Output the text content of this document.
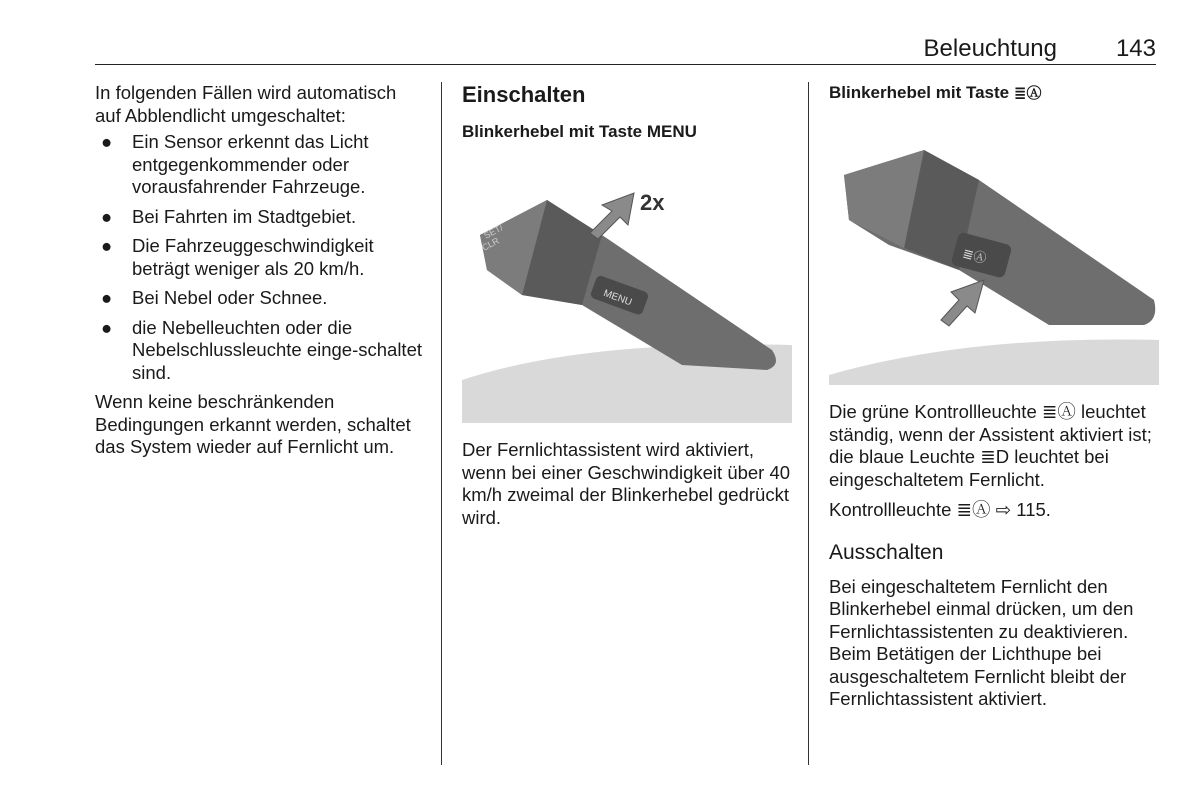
Beleuchtung 143

In folgenden Fällen wird automatisch auf Abblendlicht umgeschaltet:

● Ein Sensor erkennt das Licht entgegenkommender oder vorausfahrender Fahrzeuge.
● Bei Fahrten im Stadtgebiet.
● Die Fahrzeuggeschwindigkeit beträgt weniger als 20 km/h.
● Bei Nebel oder Schnee.
● die Nebelleuchten oder die Nebelschlussleuchte einge-schaltet sind.

Wenn keine beschränkenden Bedingungen erkannt werden, schaltet das System wieder auf Fernlicht um.

Einschalten
Blinkerhebel mit Taste MENU
MENU
SET/
CLR
2x

Der Fernlichtassistent wird aktiviert, wenn bei einer Geschwindigkeit über 40 km/h zweimal der Blinkerhebel gedrückt wird.

Blinkerhebel mit Taste ≣Ⓐ
≣Ⓐ

Die grüne Kontrollleuchte ≣Ⓐ leuchtet ständig, wenn der Assistent aktiviert ist; die blaue Leuchte ≣D leuchtet bei eingeschaltetem Fernlicht.

Kontrollleuchte ≣Ⓐ ⇨ 115.

Ausschalten

Bei eingeschaltetem Fernlicht den Blinkerhebel einmal drücken, um den Fernlichtassistenten zu deaktivieren. Beim Betätigen der Lichthupe bei ausgeschaltetem Fernlicht bleibt der Fernlichtassistent aktiviert.
